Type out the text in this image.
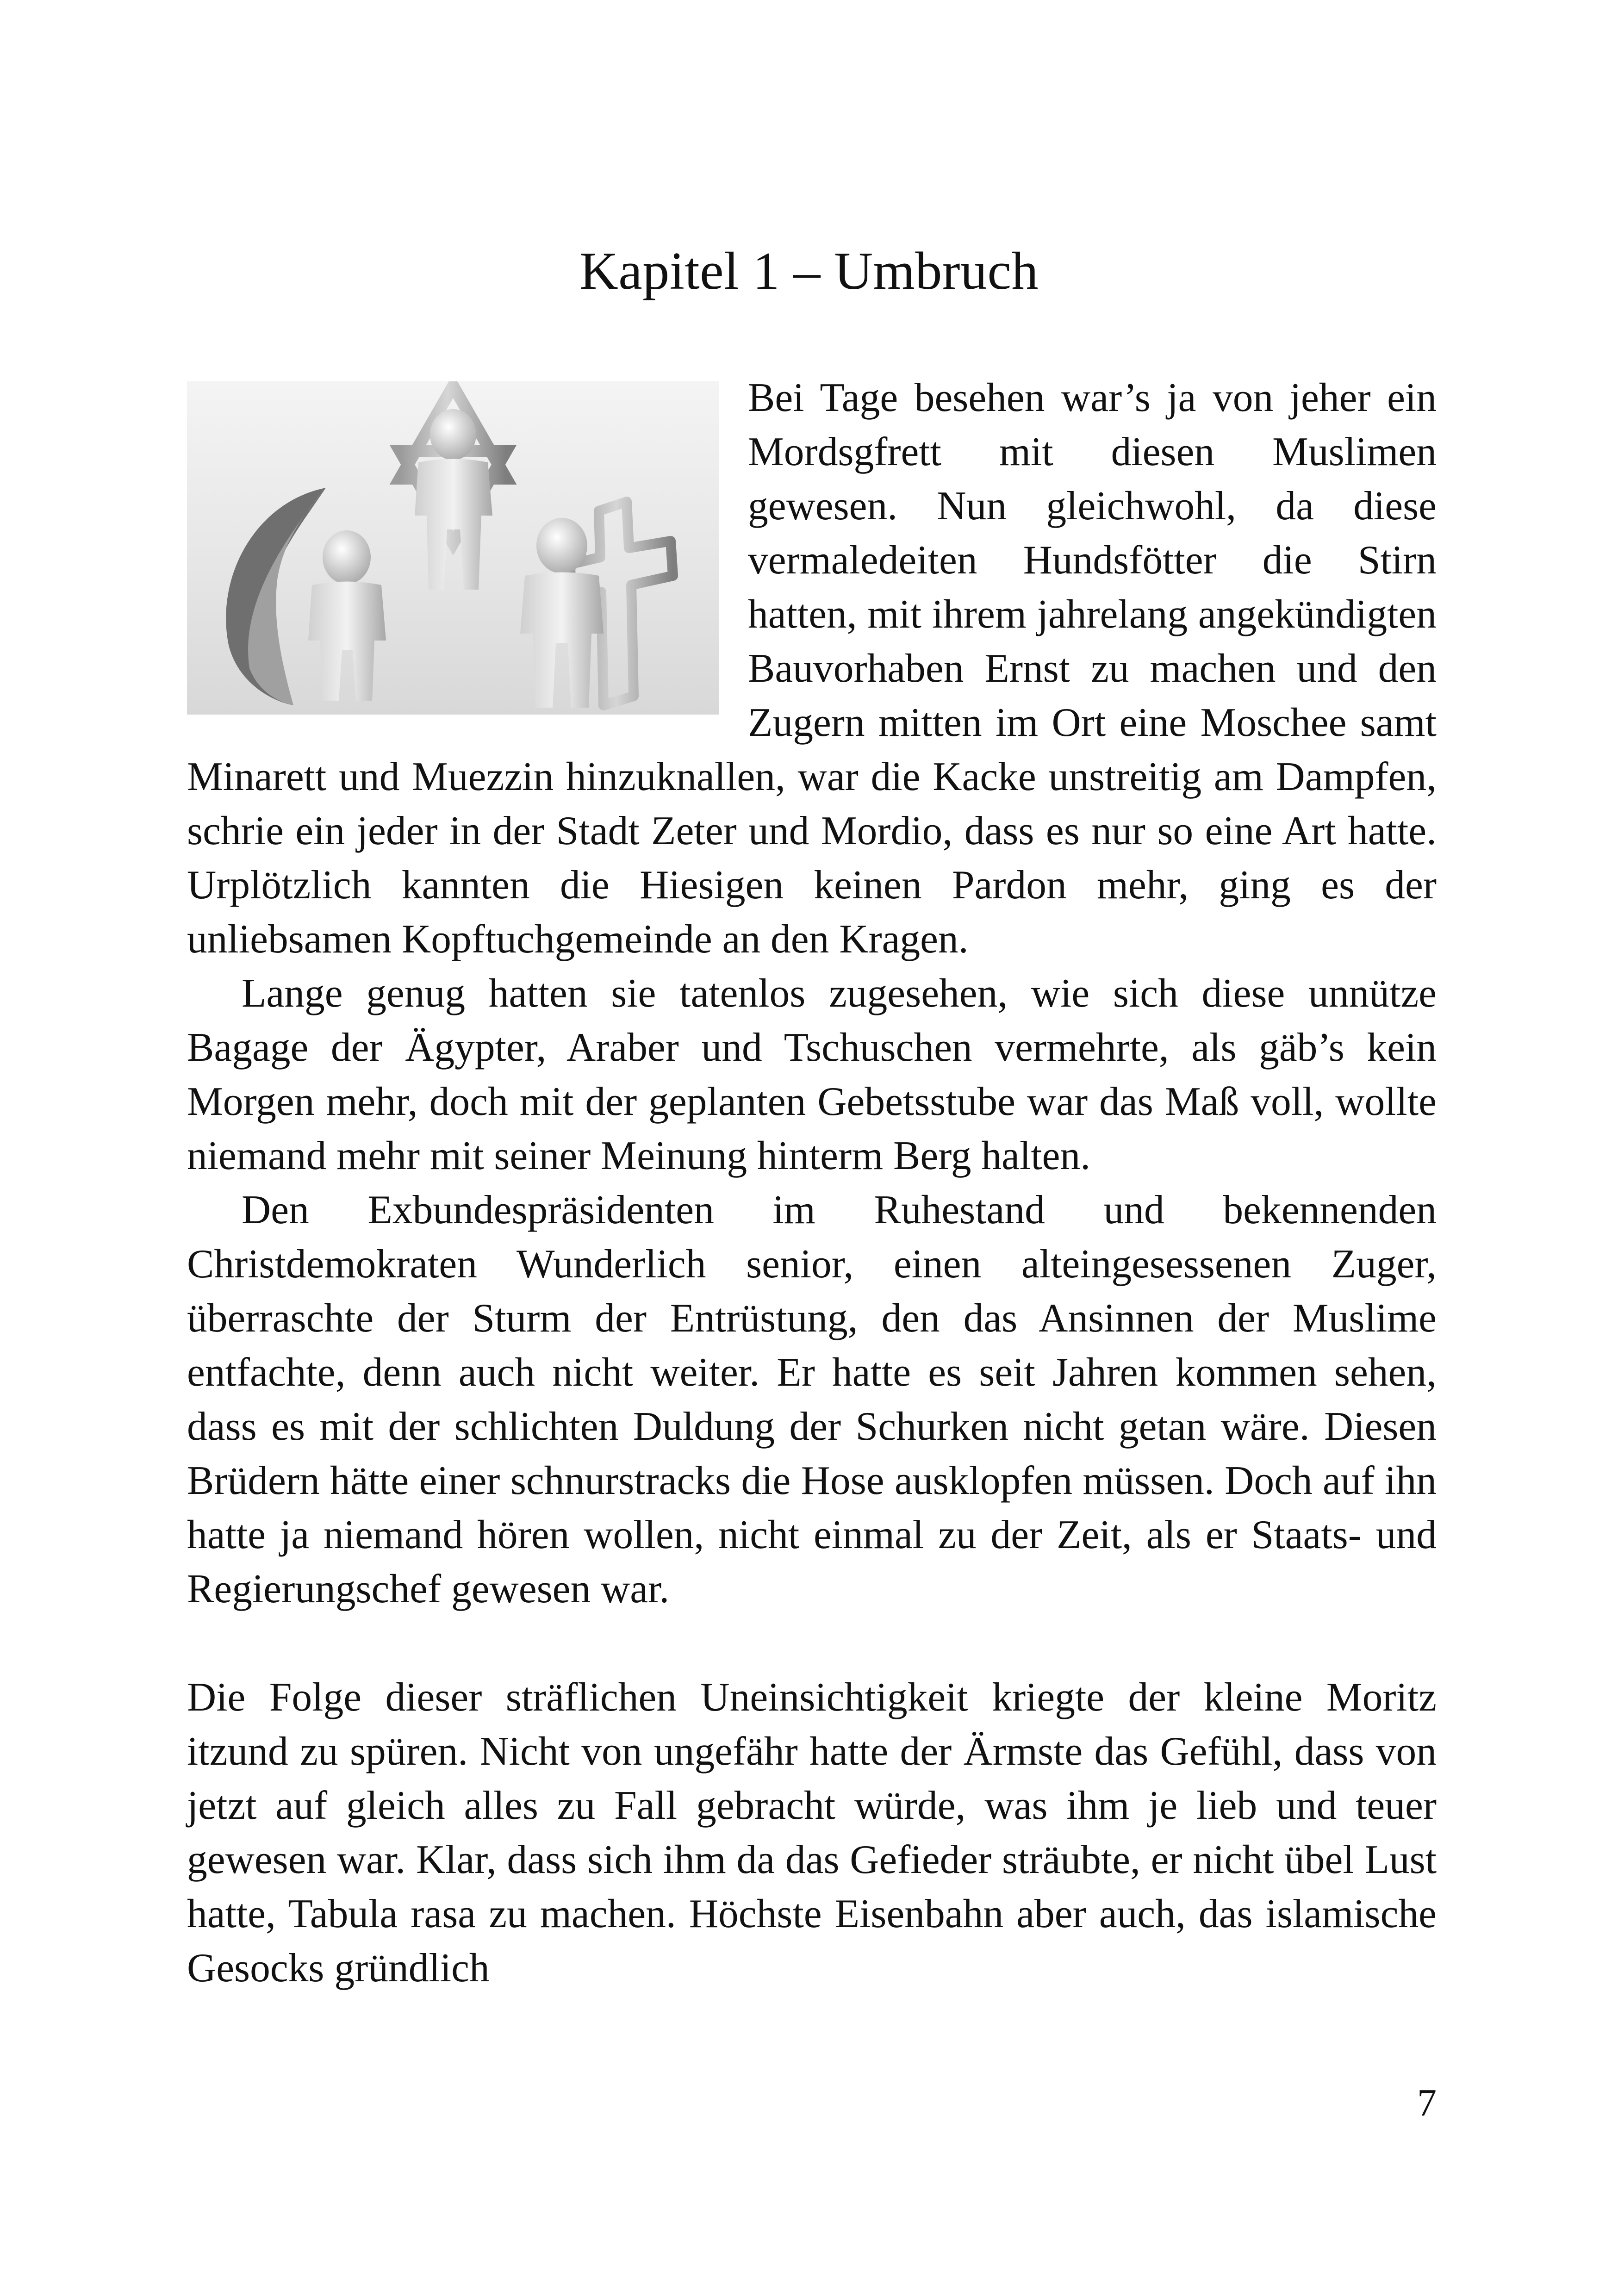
Kapitel 1 – Umbruch

Bei Tage besehen war’s ja von jeher ein Mordsgfrett mit diesen Muslimen gewesen. Nun gleichwohl, da diese vermaledeiten Hundsfötter die Stirn hatten, mit ihrem jahrelang angekündigten Bauvorhaben Ernst zu machen und den Zugern mitten im Ort eine Moschee samt Minarett und Muezzin hinzuknallen, war die Kacke unstreitig am Dampfen, schrie ein jeder in der Stadt Zeter und Mordio, dass es nur so eine Art hatte. Urplötzlich kannten die Hiesigen keinen Pardon mehr, ging es der unliebsamen Kopftuchgemeinde an den Kragen.

Lange genug hatten sie tatenlos zugesehen, wie sich diese unnütze Bagage der Ägypter, Araber und Tschuschen vermehrte, als gäb’s kein Morgen mehr, doch mit der geplanten Gebetsstube war das Maß voll, wollte niemand mehr mit seiner Meinung hinterm Berg halten.

Den Exbundespräsidenten im Ruhestand und bekennenden Christdemokraten Wunderlich senior, einen alteingesessenen Zuger, überraschte der Sturm der Entrüstung, den das Ansinnen der Muslime entfachte, denn auch nicht weiter. Er hatte es seit Jahren kommen sehen, dass es mit der schlichten Duldung der Schurken nicht getan wäre. Diesen Brüdern hätte einer schnurstracks die Hose ausklopfen müssen. Doch auf ihn hatte ja niemand hören wollen, nicht einmal zu der Zeit, als er Staats- und Regierungschef gewesen war.

Die Folge dieser sträflichen Uneinsichtigkeit kriegte der kleine Moritz itzund zu spüren. Nicht von ungefähr hatte der Ärmste das Gefühl, dass von jetzt auf gleich alles zu Fall gebracht würde, was ihm je lieb und teuer gewesen war. Klar, dass sich ihm da das Gefieder sträubte, er nicht übel Lust hatte, Tabula rasa zu machen. Höchste Eisenbahn aber auch, das islamische Gesocks gründlich

7
